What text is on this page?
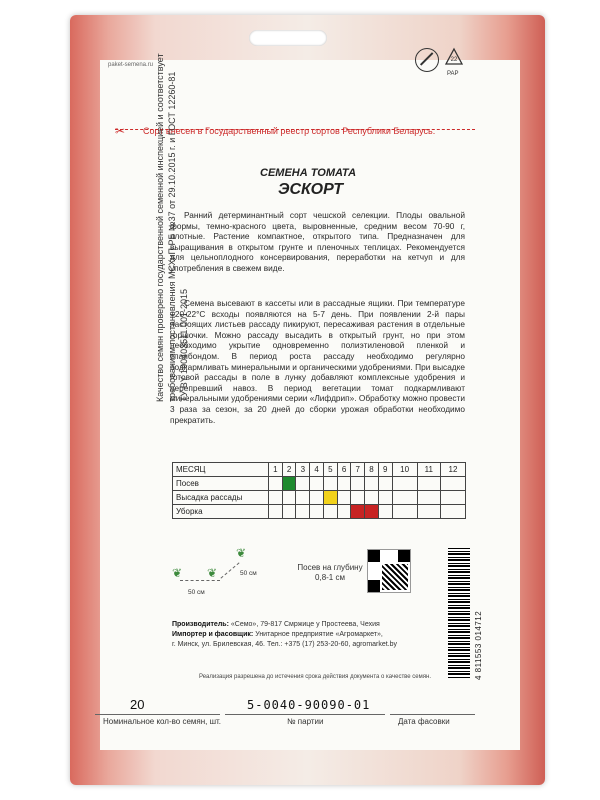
paket-semena.ru
22
PAP
✂ Сорт внесен в Государственный реестр сортов Республики Беларусь.
СЕМЕНА ТОМАТА
ЭСКОРТ

Ранний детерминантный сорт чешской селекции. Плоды овальной формы, темно-красного цвета, выровненные, средним весом 70-90 г, плотные. Растение компактное, открытого типа. Предназначен для выращивания в открытом грунте и пленочных теплицах. Рекомендуется для цельноплодного консервирования, переработки на кетчуп и для употребления в свежем виде.

Семена высевают в кассеты или в рассадные ящики. При температуре +20-22°С всходы появляются на 5-7 день. При появлении 2-й пары настоящих листьев рассаду пикируют, пересаживая растения в отдельные горшочки. Можно рассаду высадить в открытый грунт, но при этом необходимо укрытие одновременно полиэтиленовой пленкой и спанбондом. В период роста рассаду необходимо регулярно подкармливать минеральными и органическими удобрениями. При высадке готовой рассады в поле в лунку добавляют комплексные удобрения и перепревший навоз. В период вегетации томат подкармливают минеральными удобрениями серии «Лифдрип». Обработку можно провести 3 раза за сезон, за 20 дней до сборки урожая обработки необходимо прекратить.

Качество семян проверено государственной семенной инспекцией и соответствует требованиям постановления МСХиП РБ №37 от 29.10.2015 г. и ГОСТ 12260-81 ТУ ВY 190403511.001-2015
МЕСЯЦ	1	2	3	4	5	6	7	8	9	10	11	12
Посев												
Высадка рассады												
Уборка												
❦ ❦
❦
50 см
50 см
Посев на глубину
0,8-1 см
4 811553 014712
Производитель: «Семо», 79-817 Смржице у Простеева, Чехия
Импортер и фасовщик: Унитарное предприятие «Агромаркет»,
г. Минск, ул. Брилевская, 46. Тел.: +375 (17) 253-20-60, agromarket.by
Реализация разрешена до истечения срока действия документа о качестве семян.
20	5-0040-90090-01
Номинальное кол-во семян, шт.	№ партии	Дата фасовки
